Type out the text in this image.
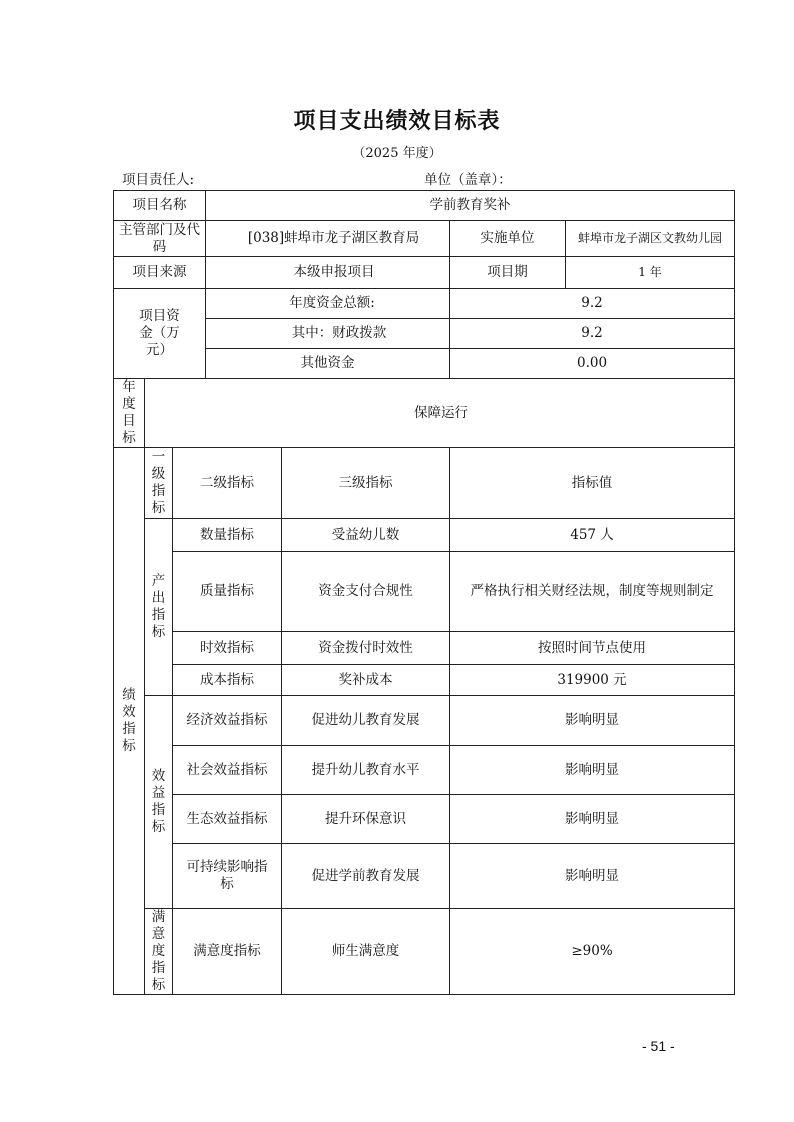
项目支出绩效目标表
（2025 年度）
项目责任人:	单位（盖章）：
项目名称			学前教育奖补		
主管部门及代码			[038]蚌埠市龙子湖区教育局		实施单位 蚌埠市龙子湖区文教幼儿园

项目来源			本级申报项目		项目期 1 年

项目资金（万元）			年度资金总额:		9.2
			其中：财政拨款		9.2
			其他资金		0.00
年度目标	保障运行				
绩效指标	一级指标	二级指标		三级指标	指标值
	产出指标	数量指标		受益幼儿数	457 人
		质量指标		资金支付合规性	严格执行相关财经法规，制度等规则制定
		时效指标		资金拨付时效性	按照时间节点使用
		成本指标		奖补成本	319900 元
	效益指标	经济效益指标		促进幼儿教育发展	影响明显
		社会效益指标		提升幼儿教育水平	影响明显
		生态效益指标		提升环保意识	影响明显
		可持续影响指标		促进学前教育发展	影响明显
	满意度指标	满意度指标		师生满意度	≥90%
- 51 -
